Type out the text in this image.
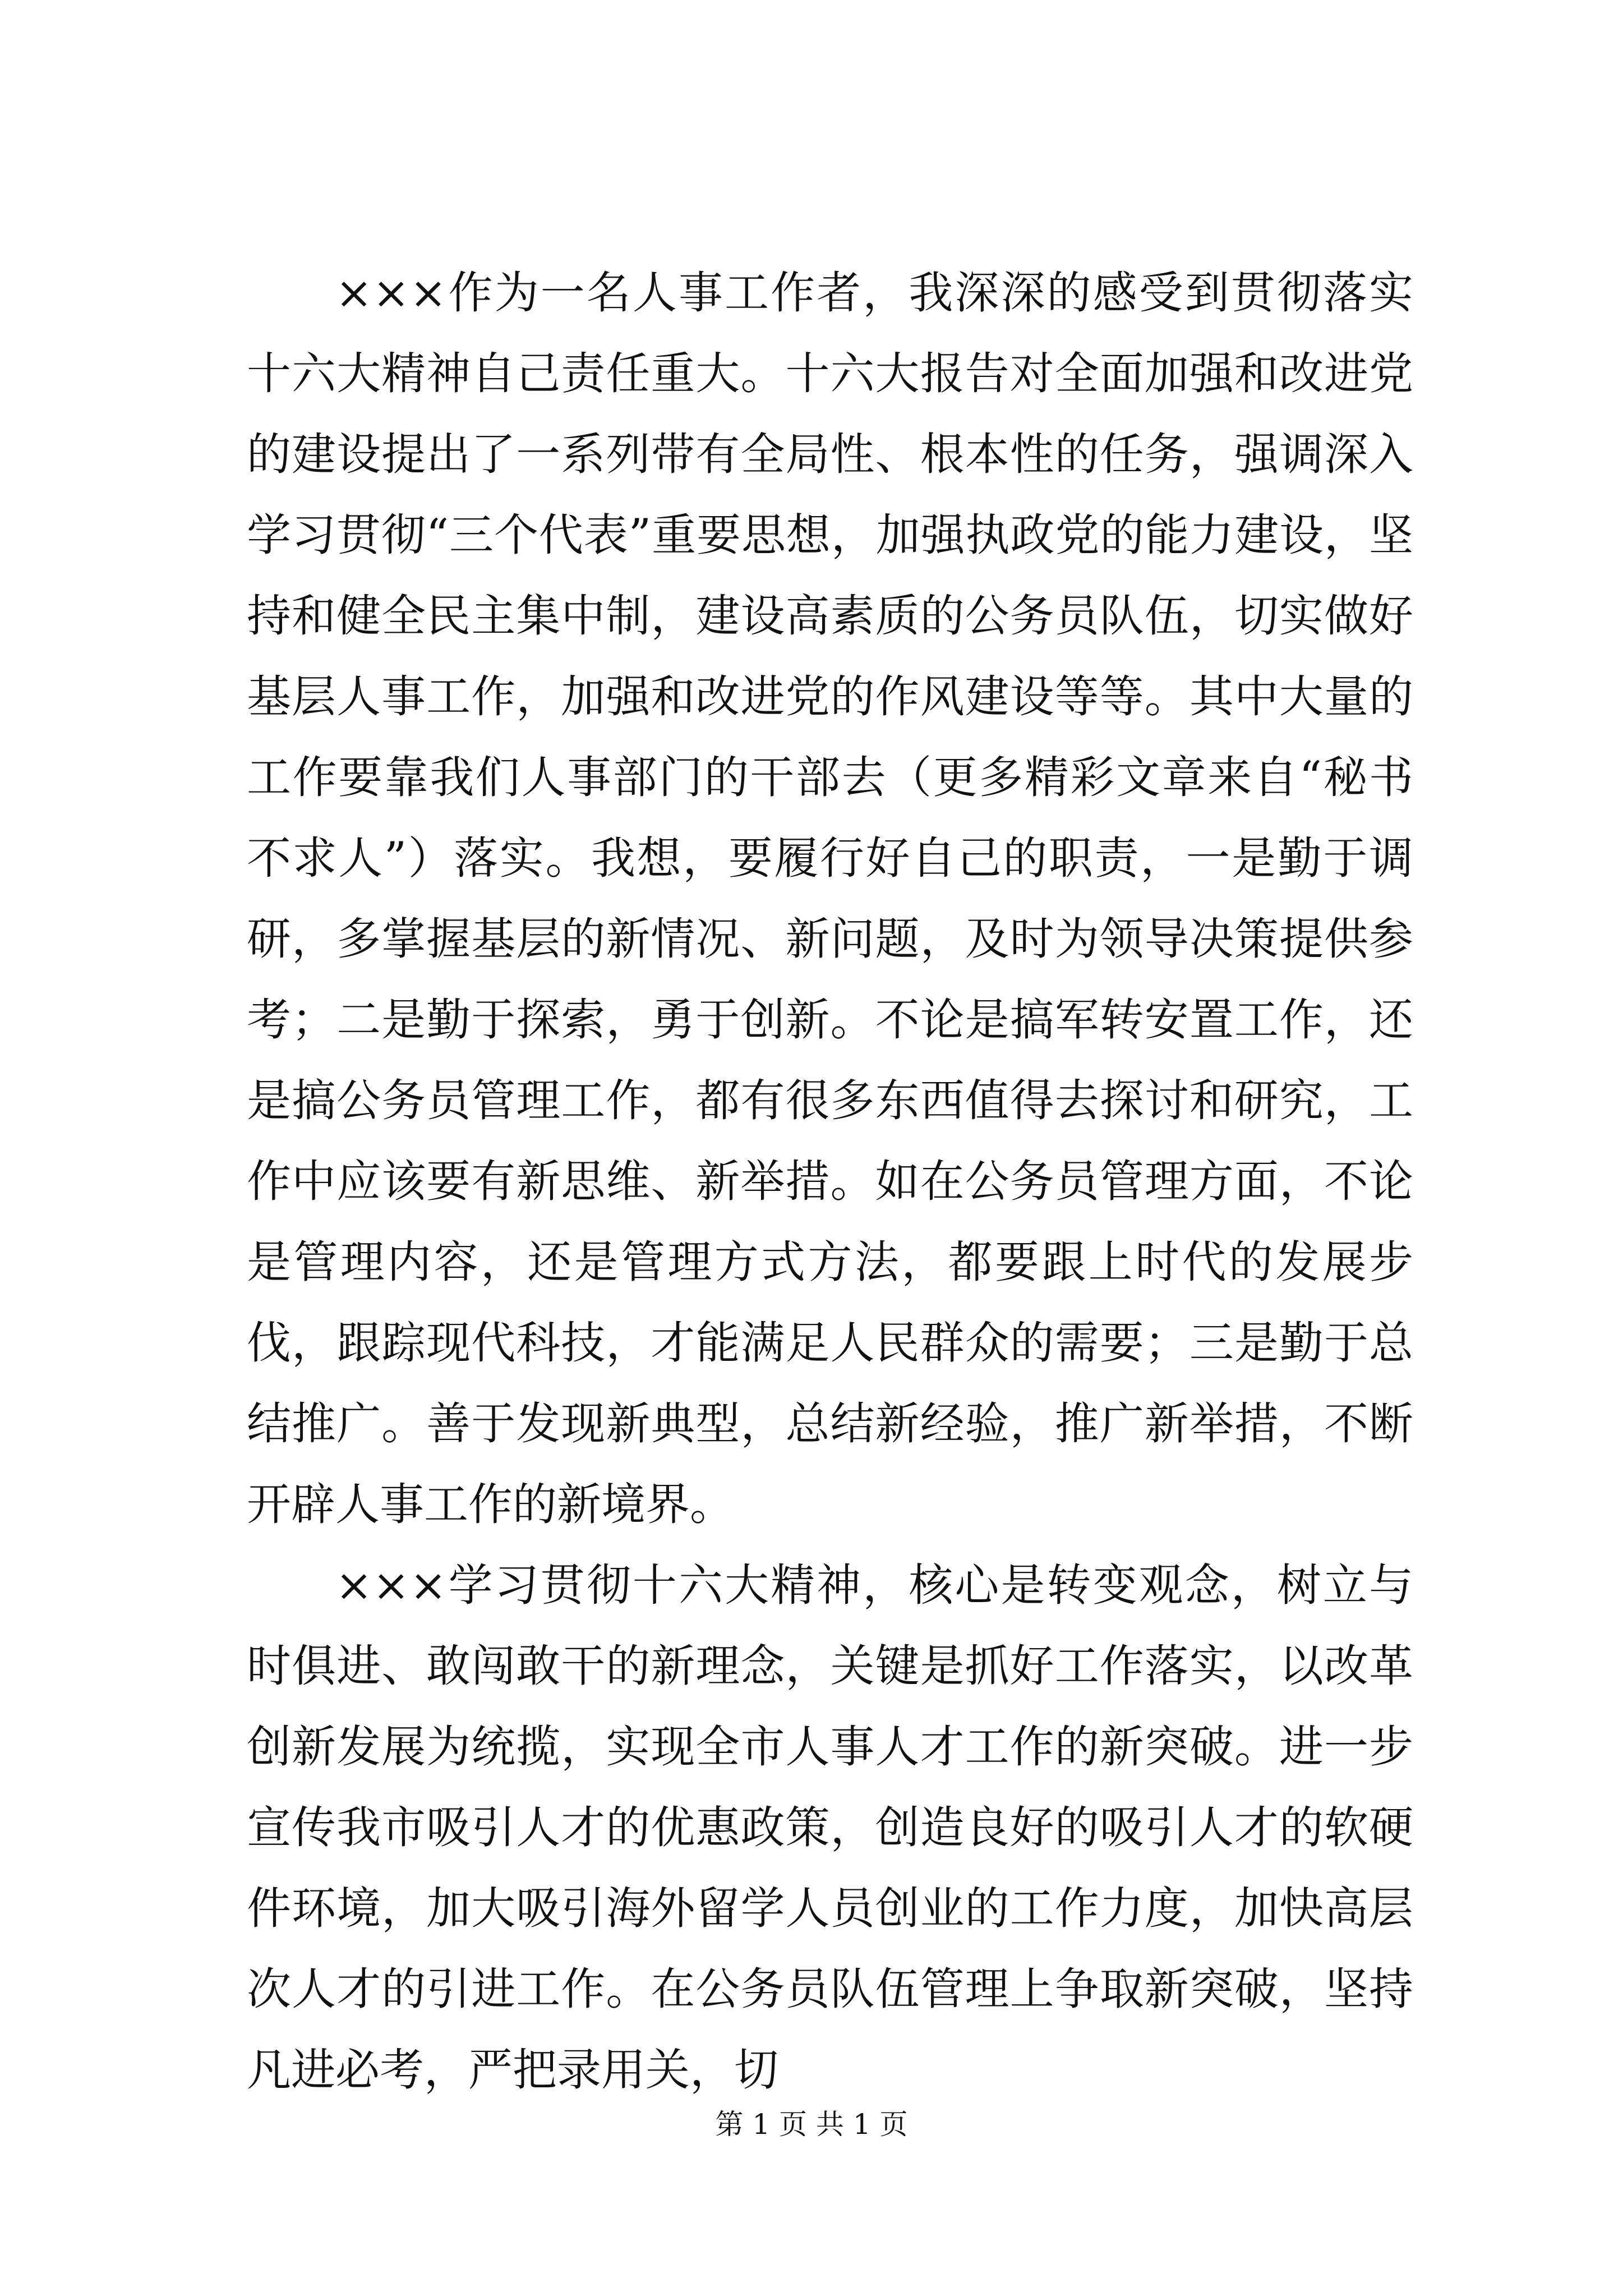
×××作为一名人事工作者，我深深的感受到贯彻落实十六大精神自己责任重大。十六大报告对全面加强和改进党的建设提出了一系列带有全局性、根本性的任务，强调深入学习贯彻“三个代表”重要思想，加强执政党的能力建设，坚持和健全民主集中制，建设高素质的公务员队伍，切实做好基层人事工作，加强和改进党的作风建设等等。其中大量的工作要靠我们人事部门的干部去（更多精彩文章来自“秘书不求人”）落实。我想，要履行好自己的职责，一是勤于调研，多掌握基层的新情况、新问题，及时为领导决策提供参考；二是勤于探索，勇于创新。不论是搞军转安置工作，还是搞公务员管理工作，都有很多东西值得去探讨和研究，工作中应该要有新思维、新举措。如在公务员管理方面，不论是管理内容，还是管理方式方法，都要跟上时代的发展步伐，跟踪现代科技，才能满足人民群众的需要；三是勤于总结推广。善于发现新典型，总结新经验，推广新举措，不断开辟人事工作的新境界。

×××学习贯彻十六大精神，核心是转变观念，树立与时俱进、敢闯敢干的新理念，关键是抓好工作落实，以改革创新发展为统揽，实现全市人事人才工作的新突破。进一步宣传我市吸引人才的优惠政策，创造良好的吸引人才的软硬件环境，加大吸引海外留学人员创业的工作力度，加快高层次人才的引进工作。在公务员队伍管理上争取新突破，坚持凡进必考，严把录用关，切

第 1 页 共 1 页
